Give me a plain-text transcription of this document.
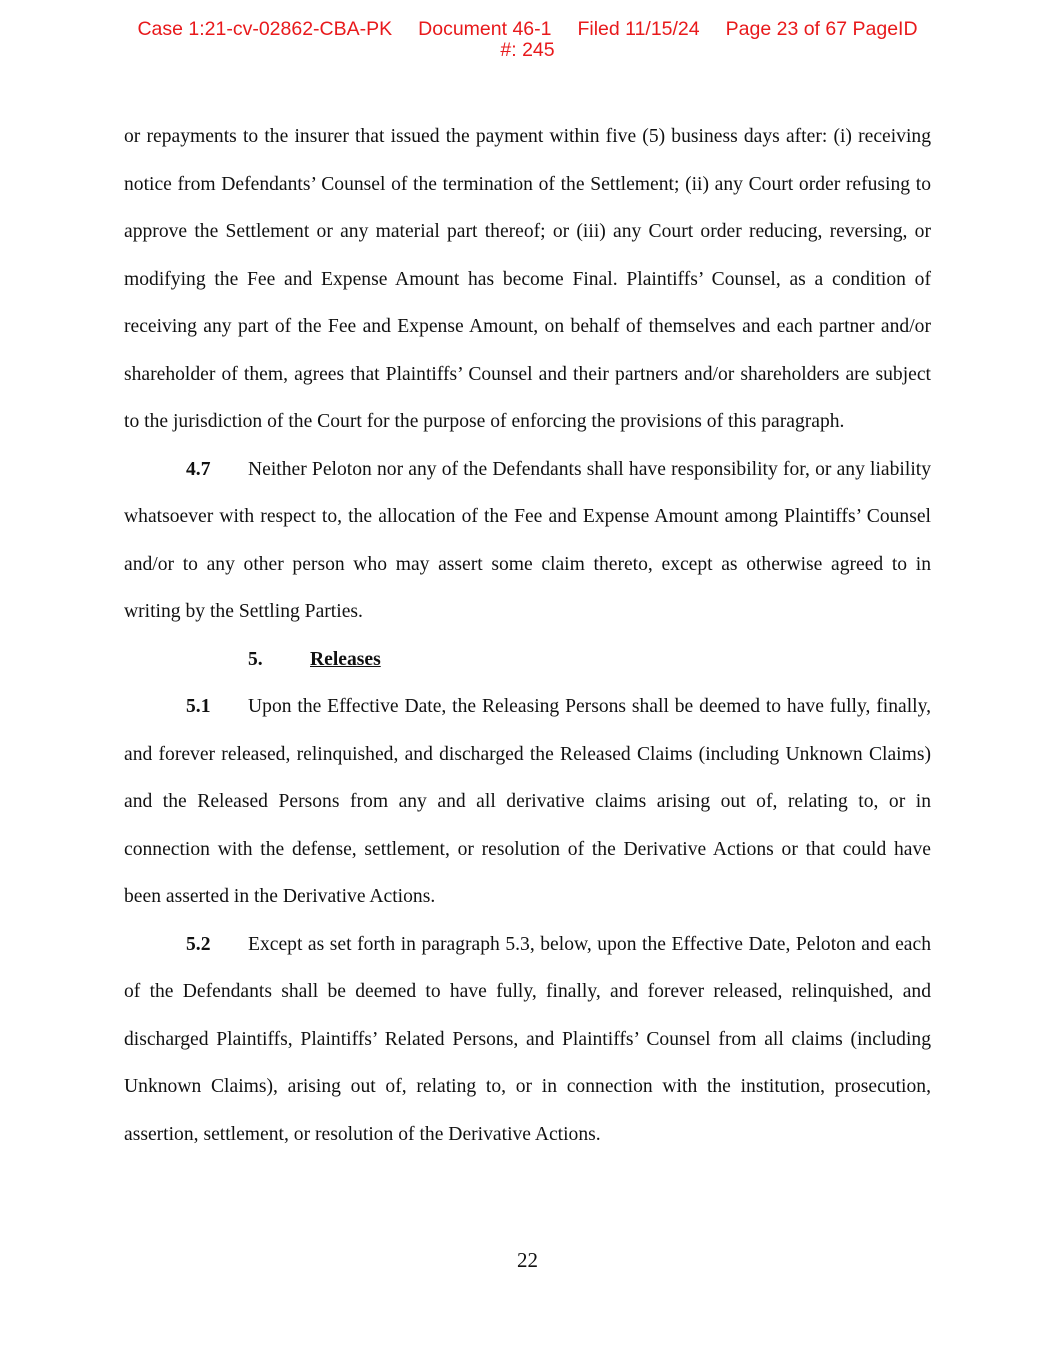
Case 1:21-cv-02862-CBA-PK Document 46-1 Filed 11/15/24 Page 23 of 67 PageID
#: 245

or repayments to the insurer that issued the payment within five (5) business days after: (i) receiving notice from Defendants’ Counsel of the termination of the Settlement; (ii) any Court order refusing to approve the Settlement or any material part thereof; or (iii) any Court order reducing, reversing, or modifying the Fee and Expense Amount has become Final. Plaintiffs’ Counsel, as a condition of receiving any part of the Fee and Expense Amount, on behalf of themselves and each partner and/or shareholder of them, agrees that Plaintiffs’ Counsel and their partners and/or shareholders are subject to the jurisdiction of the Court for the purpose of enforcing the provisions of this paragraph.

4.7 Neither Peloton nor any of the Defendants shall have responsibility for, or any liability whatsoever with respect to, the allocation of the Fee and Expense Amount among Plaintiffs’ Counsel and/or to any other person who may assert some claim thereto, except as otherwise agreed to in writing by the Settling Parties.

5. Releases

5.1 Upon the Effective Date, the Releasing Persons shall be deemed to have fully, finally, and forever released, relinquished, and discharged the Released Claims (including Unknown Claims) and the Released Persons from any and all derivative claims arising out of, relating to, or in connection with the defense, settlement, or resolution of the Derivative Actions or that could have been asserted in the Derivative Actions.

5.2 Except as set forth in paragraph 5.3, below, upon the Effective Date, Peloton and each of the Defendants shall be deemed to have fully, finally, and forever released, relinquished, and discharged Plaintiffs, Plaintiffs’ Related Persons, and Plaintiffs’ Counsel from all claims (including Unknown Claims), arising out of, relating to, or in connection with the institution, prosecution, assertion, settlement, or resolution of the Derivative Actions.

22
